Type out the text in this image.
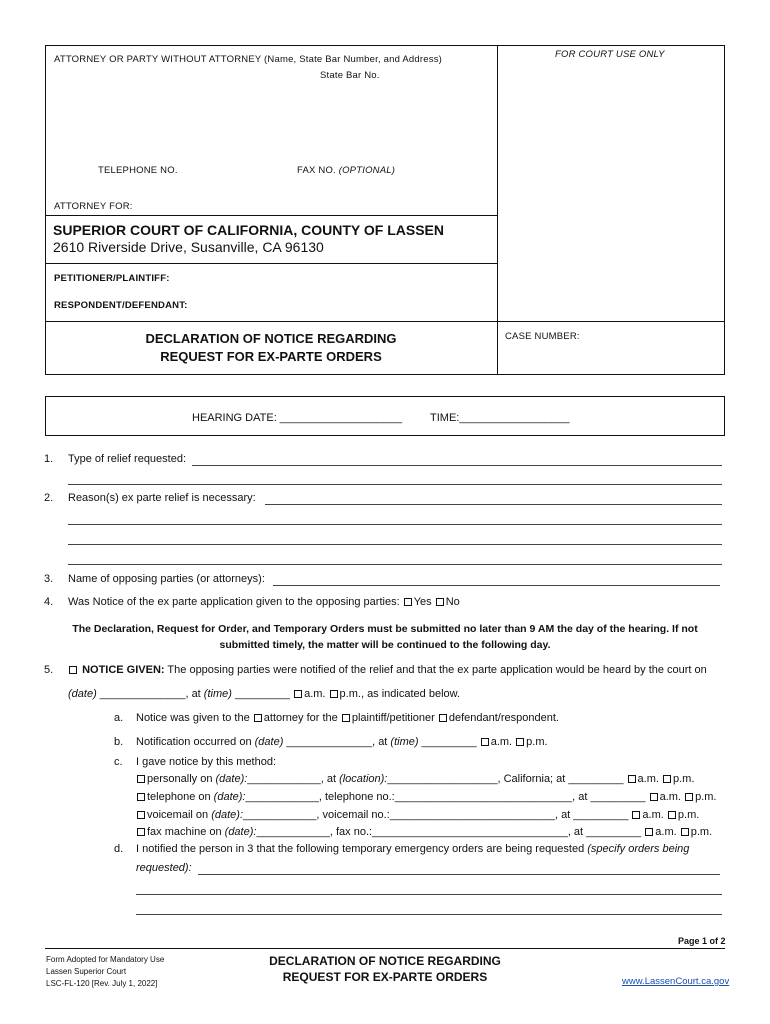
ATTORNEY OR PARTY WITHOUT ATTORNEY (Name, State Bar Number, and Address)
State Bar No.
FOR COURT USE ONLY
TELEPHONE NO.	FAX NO. (OPTIONAL)
ATTORNEY FOR:
SUPERIOR COURT OF CALIFORNIA, COUNTY OF LASSEN
2610 Riverside Drive, Susanville, CA 96130
PETITIONER/PLAINTIFF:
RESPONDENT/DEFENDANT:
DECLARATION OF NOTICE REGARDING
REQUEST FOR EX-PARTE ORDERS
CASE NUMBER:
HEARING DATE: ____________________	TIME:__________________
1. Type of relief requested:
2. Reason(s) ex parte relief is necessary:
3. Name of opposing parties (or attorneys):
4. Was Notice of the ex parte application given to the opposing parties: Yes No
The Declaration, Request for Order, and Temporary Orders must be submitted no later than 9 AM the day of the hearing. If not
submitted timely, the matter will be continued to the following day.
5.	NOTICE GIVEN: The opposing parties were notified of the relief and that the ex parte application would be heard by the court on
(date) ______________, at (time) _________ a.m. p.m., as indicated below.
a. Notice was given to the attorney for the plaintiff/petitioner defendant/respondent.
b. Notification occurred on (date) ______________, at (time) _________ a.m. p.m.
c. I gave notice by this method:
personally on (date):____________, at (location):__________________, California; at _________ a.m. p.m.
telephone on (date):____________, telephone no.:_____________________________, at _________ a.m. p.m.
voicemail on (date):____________, voicemail no.:___________________________, at _________ a.m. p.m.
fax machine on (date):____________, fax no.:________________________________, at _________ a.m. p.m.
d. I notified the person in 3 that the following temporary emergency orders are being requested (specify orders being
requested):
Page 1 of 2
Form Adopted for Mandatory Use
Lassen Superior Court
LSC-FL-120 [Rev. July 1, 2022]
DECLARATION OF NOTICE REGARDING
REQUEST FOR EX-PARTE ORDERS	www.LassenCourt.ca.gov
